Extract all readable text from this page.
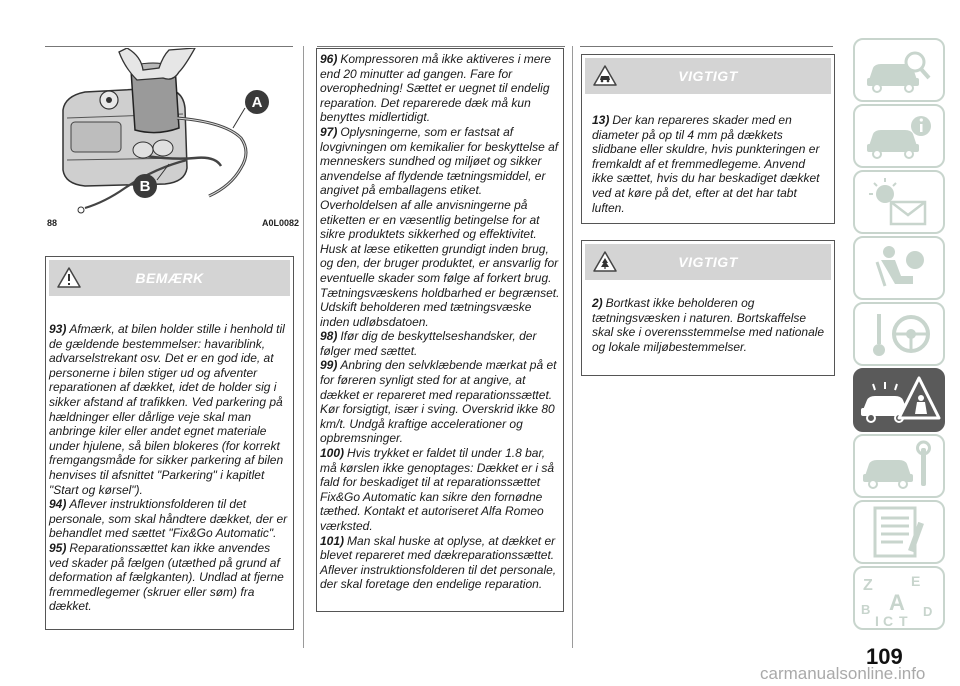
A
B
88	A0L0082
BEMÆRK

93) Afmærk, at bilen holder stille i henhold til de gældende bestemmelser: havariblink, advarselstrekant osv. Det er en god ide, at personerne i bilen stiger ud og afventer reparationen af dækket, idet de holder sig i sikker afstand af trafikken. Ved parkering på hældninger eller dårlige veje skal man anbringe kiler eller andet egnet materiale under hjulene, så bilen blokeres (for korrekt fremgangsmåde for sikker parkering af bilen henvises til afsnittet "Parkering" i kapitlet "Start og kørsel").

94) Aflever instruktionsfolderen til det personale, som skal håndtere dækket, der er behandlet med sættet "Fix&Go Automatic".

95) Reparationssættet kan ikke anvendes ved skader på fælgen (utæthed på grund af deformation af fælgkanten). Undlad at fjerne fremmedlegemer (skruer eller søm) fra dækket.

96) Kompressoren må ikke aktiveres i mere end 20 minutter ad gangen. Fare for overophedning! Sættet er uegnet til endelig reparation. Det reparerede dæk må kun benyttes midlertidigt.

97) Oplysningerne, som er fastsat af lovgivningen om kemikalier for beskyttelse af menneskers sundhed og miljøet og sikker anvendelse af flydende tætningsmiddel, er angivet på emballagens etiket. Overholdelsen af alle anvisningerne på etiketten er en væsentlig betingelse for at sikre produktets sikkerhed og effektivitet. Husk at læse etiketten grundigt inden brug, og den, der bruger produktet, er ansvarlig for eventuelle skader som følge af forkert brug. Tætningsvæskens holdbarhed er begrænset. Udskift beholderen med tætningsvæske inden udløbsdatoen.

98) Ifør dig de beskyttelseshandsker, der følger med sættet.

99) Anbring den selvklæbende mærkat på et for føreren synligt sted for at angive, at dækket er repareret med reparationssættet. Kør forsigtigt, især i sving. Overskrid ikke 80 km/t. Undgå kraftige accelerationer og opbremsninger.

100) Hvis trykket er faldet til under 1.8 bar, må kørslen ikke genoptages: Dækket er i så fald for beskadiget til at reparationssættet Fix&Go Automatic kan sikre den fornødne tæthed. Kontakt et autoriseret Alfa Romeo værksted.

101) Man skal huske at oplyse, at dækket er blevet repareret med dækreparationssættet. Aflever instruktionsfolderen til det personale, der skal foretage den endelige reparation.

VIGTIGT

13) Der kan repareres skader med en diameter på op til 4 mm på dækkets slidbane eller skuldre, hvis punkteringen er fremkaldt af et fremmedlegeme. Anvend ikke sættet, hvis du har beskadiget dækket ved at køre på det, efter at det har tabt luften.

VIGTIGT

2) Bortkast ikke beholderen og tætningsvæsken i naturen. Bortskaffelse skal ske i overensstemmelse med nationale og lokale miljøbestemmelser.

Z	E
B A D
I C T
109
carmanualsonline.info
